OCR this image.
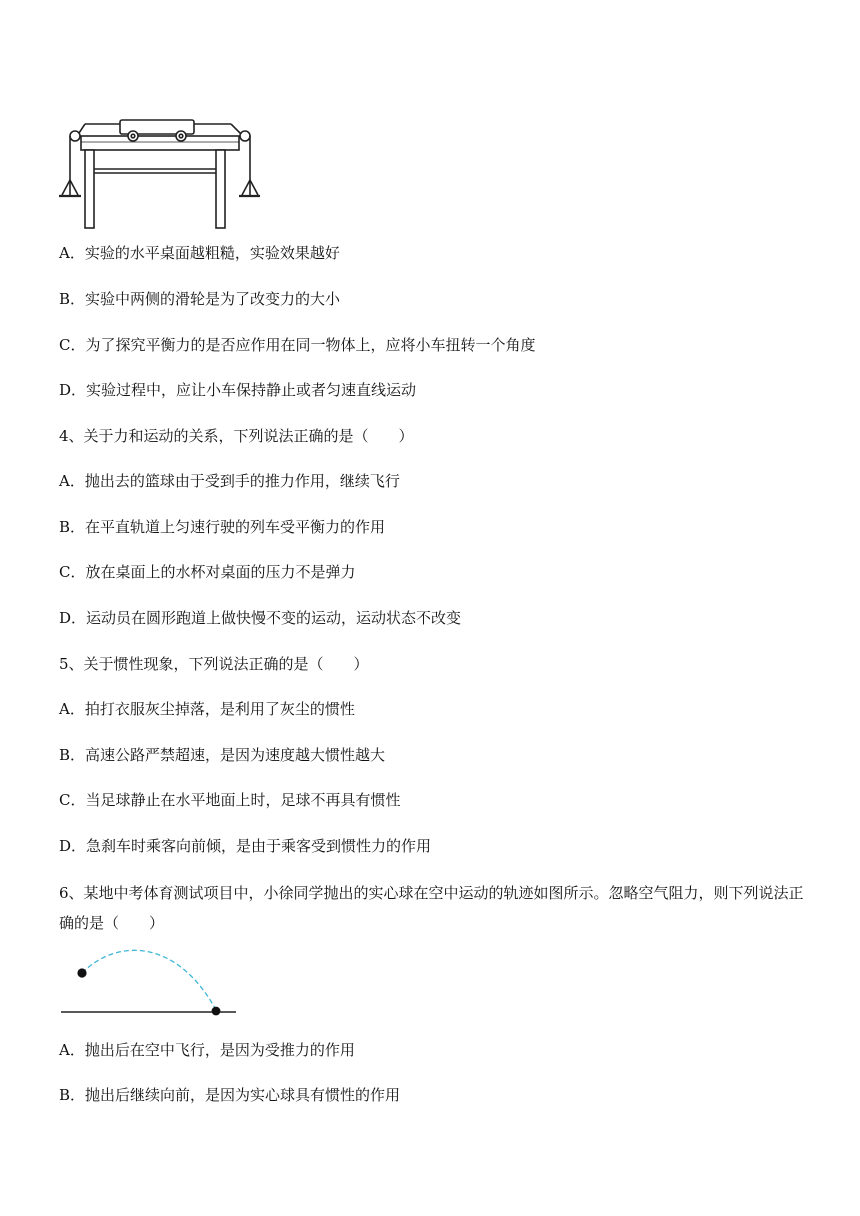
A．实验的水平桌面越粗糙，实验效果越好

B．实验中两侧的滑轮是为了改变力的大小

C．为了探究平衡力的是否应作用在同一物体上，应将小车扭转一个角度

D．实验过程中，应让小车保持静止或者匀速直线运动

4、关于力和运动的关系，下列说法正确的是（　　）

A．抛出去的篮球由于受到手的推力作用，继续飞行

B．在平直轨道上匀速行驶的列车受平衡力的作用

C．放在桌面上的水杯对桌面的压力不是弹力

D．运动员在圆形跑道上做快慢不变的运动，运动状态不改变

5、关于惯性现象，下列说法正确的是（　　）

A．拍打衣服灰尘掉落，是利用了灰尘的惯性

B．高速公路严禁超速，是因为速度越大惯性越大

C．当足球静止在水平地面上时，足球不再具有惯性

D．急刹车时乘客向前倾，是由于乘客受到惯性力的作用

6、某地中考体育测试项目中，小徐同学抛出的实心球在空中运动的轨迹如图所示。忽略空气阻力，则下列说法正确的是（　　）

A．抛出后在空中飞行，是因为受推力的作用

B．抛出后继续向前，是因为实心球具有惯性的作用
